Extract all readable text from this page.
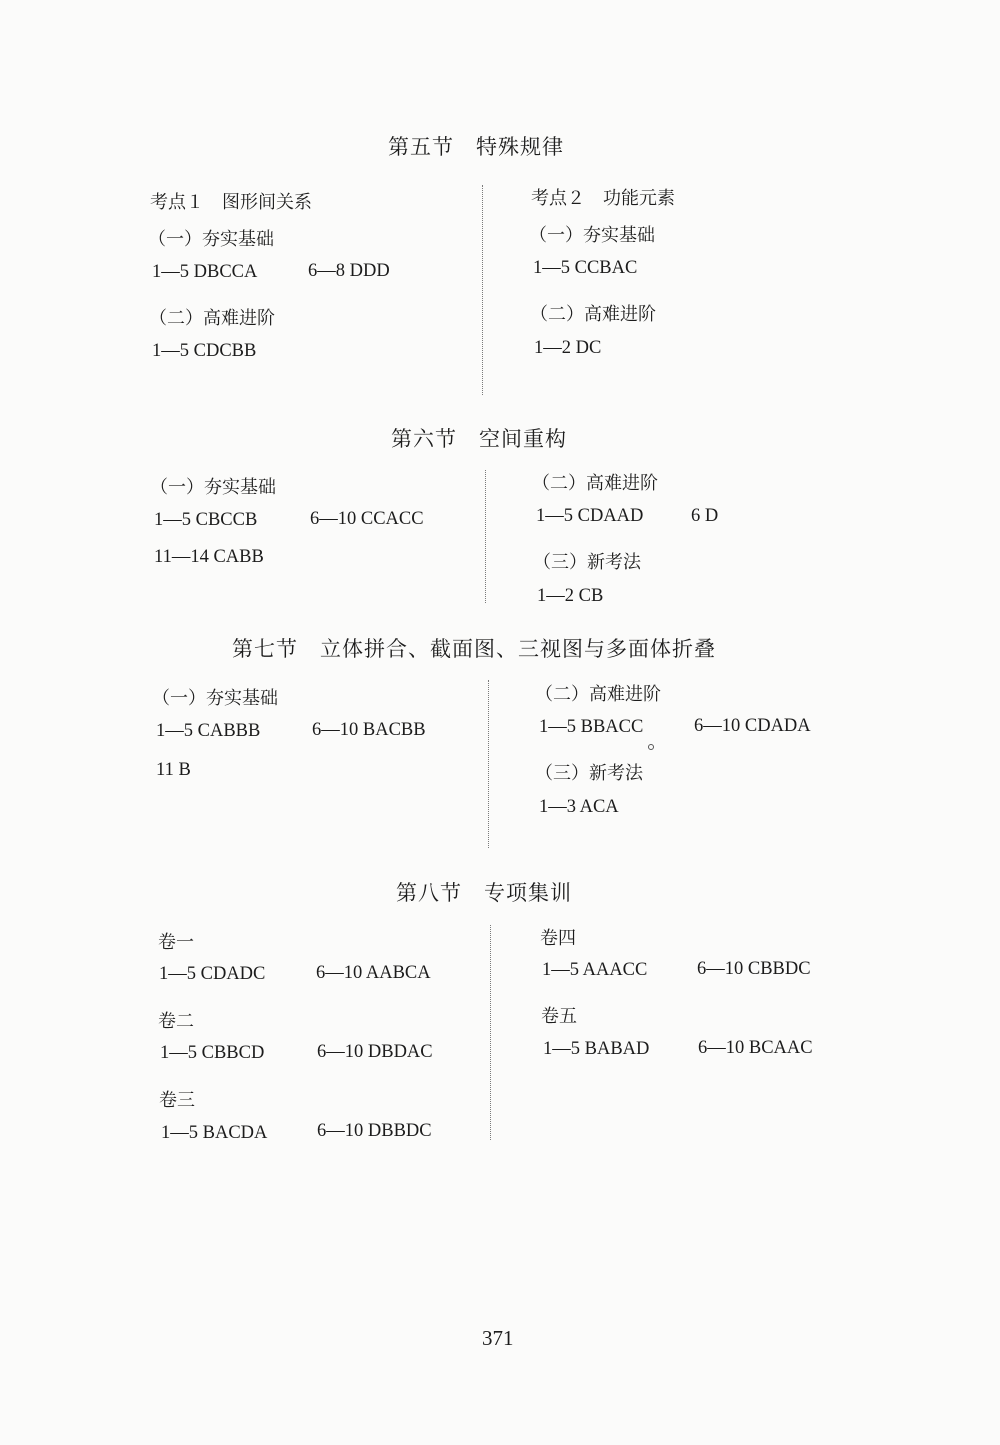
第五节　特殊规律
考点１　图形间关系
（一）夯实基础
1—5 DBCCA	6—8 DDD
（二）高难进阶
1—5 CDCBB
考点２　功能元素
（一）夯实基础
1—5 CCBAC
（二）高难进阶
1—2 DC
第六节　空间重构
（一）夯实基础
1—5 CBCCB	6—10 CCACC
11—14 CABB
（二）高难进阶
1—5 CDAAD	6 D
（三）新考法
1—2 CB
第七节　立体拼合、截面图、三视图与多面体折叠
（一）夯实基础
1—5 CABBB	6—10 BACBB
11 B
（二）高难进阶
1—5 BBACC	6—10 CDADA
（三）新考法
1—3 ACA
第八节　专项集训
卷一
1—5 CDADC	6—10 AABCA
卷二
1—5 CBBCD	6—10 DBDAC
卷三
1—5 BACDA	6—10 DBBDC
卷四
1—5 AAACC	6—10 CBBDC
卷五
1—5 BABAD	6—10 BCAAC
371
